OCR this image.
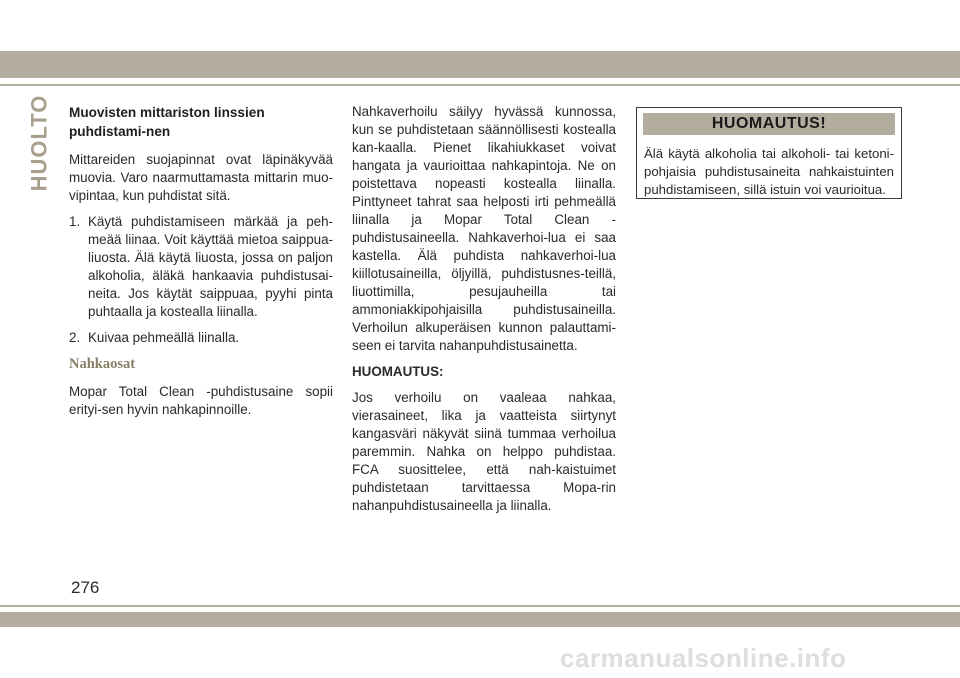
HUOLTO Muovisten mittariston linssien puhdistami-nen

Mittareiden suojapinnat ovat läpinäkyvää muovia. Varo naarmuttamasta mittarin muo-vipintaa, kun puhdistat sitä.

1. Käytä puhdistamiseen märkää ja peh-meää liinaa. Voit käyttää mietoa saippua-liuosta. Älä käytä liuosta, jossa on paljon alkoholia, äläkä hankaavia puhdistusai-neita. Jos käytät saippuaa, pyyhi pinta puhtaalla ja kostealla liinalla.
2. Kuivaa pehmeällä liinalla.
Nahkaosat

Mopar Total Clean -puhdistusaine sopii erityi-sen hyvin nahkapinnoille.

Nahkaverhoilu säilyy hyvässä kunnossa, kun se puhdistetaan säännöllisesti kostealla kan-kaalla. Pienet likahiukkaset voivat hangata ja vaurioittaa nahkapintoja. Ne on poistettava nopeasti kostealla liinalla. Pinttyneet tahrat saa helposti irti pehmeällä liinalla ja Mopar Total Clean -puhdistusaineella. Nahkaverhoi-lua ei saa kastella. Älä puhdista nahkaverhoi-lua kiillotusaineilla, öljyillä, puhdistusnes-teillä, liuottimilla, pesujauheilla tai ammoniakkipohjaisilla puhdistusaineilla. Verhoilun alkuperäisen kunnon palauttami-seen ei tarvita nahanpuhdistusainetta.

HUOMAUTUS:

Jos verhoilu on vaaleaa nahkaa, vierasaineet, lika ja vaatteista siirtynyt kangasväri näkyvät siinä tummaa verhoilua paremmin. Nahka on helppo puhdistaa. FCA suosittelee, että nah-kaistuimet puhdistetaan tarvittaessa Mopa-rin nahanpuhdistusaineella ja liinalla.

HUOMAUTUS!
Älä käytä alkoholia tai alkoholi- tai ketoni-pohjaisia puhdistusaineita nahkaistuinten puhdistamiseen, sillä istuin voi vaurioitua.
276
carmanualsonline.info
